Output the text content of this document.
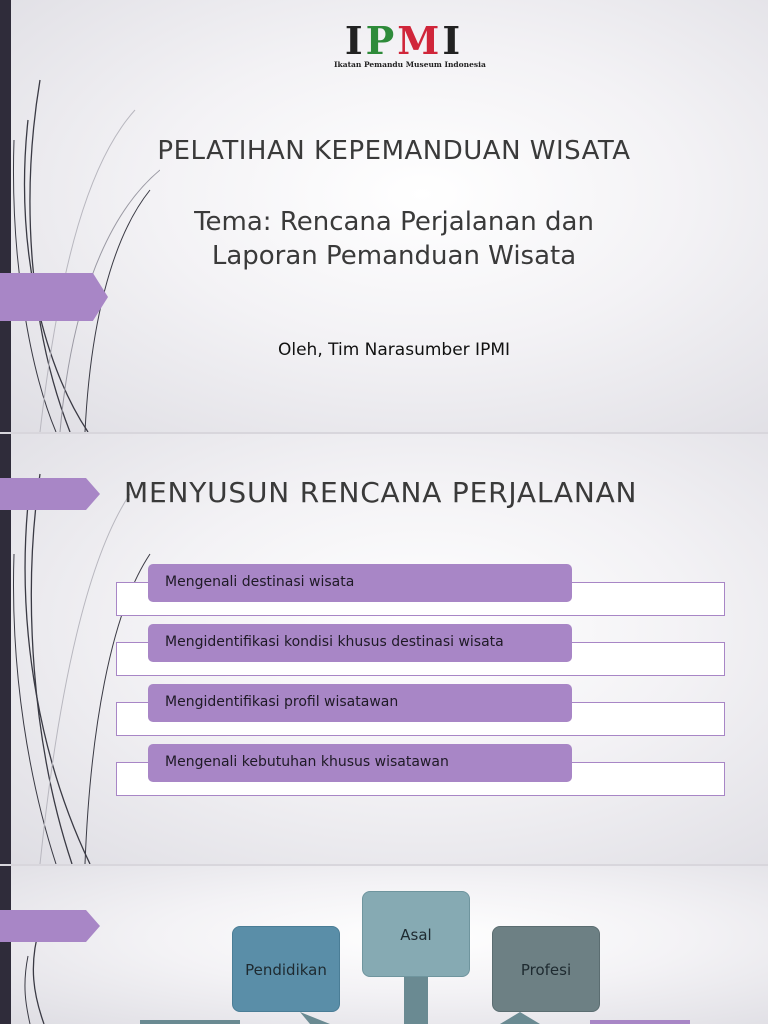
IPMI
Ikatan Pemandu Museum Indonesia
PELATIHAN KEPEMANDUAN WISATA
Tema: Rencana Perjalanan dan
Laporan Pemanduan Wisata
Oleh, Tim Narasumber IPMI
MENYUSUN RENCANA PERJALANAN
Mengenali destinasi wisata
Mengidentifikasi kondisi khusus destinasi wisata
Mengidentifikasi profil wisatawan
Mengenali kebutuhan khusus wisatawan
Asal
Pendidikan	Profesi
